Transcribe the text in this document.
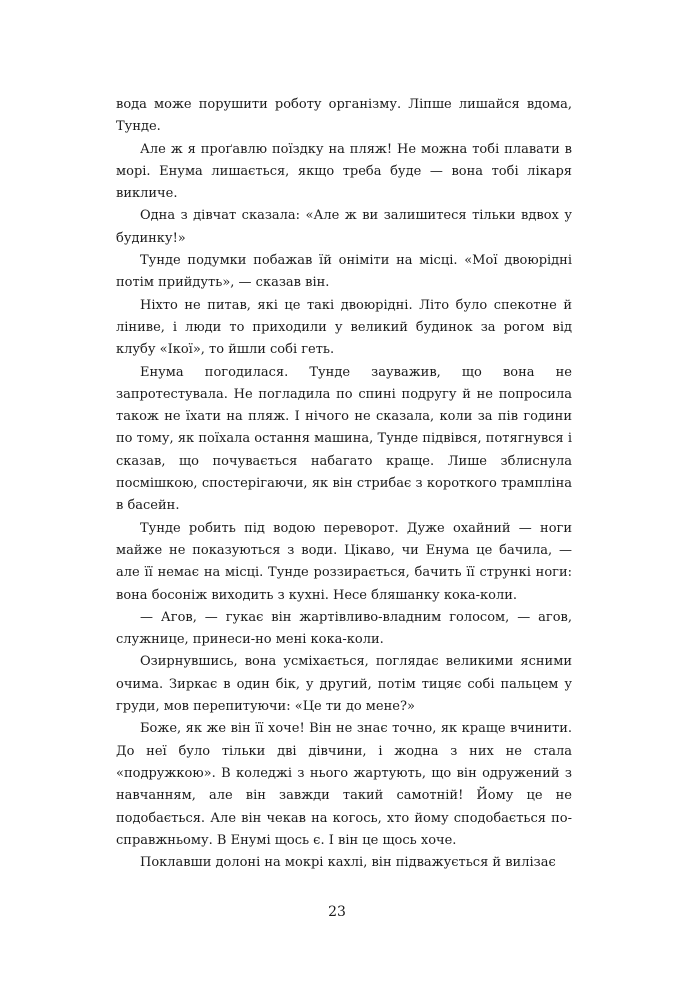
вода може порушити роботу організму. Ліпше лишайся вдома, Тунде.

Але ж я проґавлю поїздку на пляж! Не можна тобі плавати в морі. Енума лишається, якщо треба буде — вона тобі лікаря викличе.

Одна з дівчат сказала: «Але ж ви залишитеся тільки вдвох у будинку!»

Тунде подумки побажав їй оніміти на місці. «Мої двоюрідні потім прийдуть», — сказав він.

Ніхто не питав, які це такі двоюрідні. Літо було спекотне й ліниве, і люди то приходили у великий будинок за рогом від клубу «Ікої», то йшли собі геть.

Енума погодилася. Тунде зауважив, що вона не запротестувала. Не погладила по спині подругу й не попросила також не їхати на пляж. І нічого не сказала, коли за пів години по тому, як поїхала остання машина, Тунде підвівся, потягнувся і сказав, що почувається набагато краще. Лише зблиснула посмішкою, спостерігаючи, як він стрибає з короткого трампліна в басейн.

Тунде робить під водою переворот. Дуже охайний — ноги майже не показуються з води. Цікаво, чи Енума це бачила, — але її немає на місці. Тунде роззирається, бачить її стрункі ноги: вона босоніж виходить з кухні. Несе бляшанку кока-коли.

— Агов, — гукає він жартівливо-владним голосом, — агов, служнице, принеси-но мені кока-коли.

Озирнувшись, вона усміхається, поглядає великими ясними очима. Зиркає в один бік, у другий, потім тицяє собі пальцем у груди, мов перепитуючи: «Це ти до мене?»

Боже, як же він її хоче! Він не знає точно, як краще вчинити. До неї було тільки дві дівчини, і жодна з них не стала «подружкою». В коледжі з нього жартують, що він одружений з навчанням, але він завжди такий самотній! Йому це не подобається. Але він чекав на когось, хто йому сподобається по-справжньому. В Енумі щось є. І він це щось хоче.

Поклавши долоні на мокрі кахлі, він підважується й вилізає

23
